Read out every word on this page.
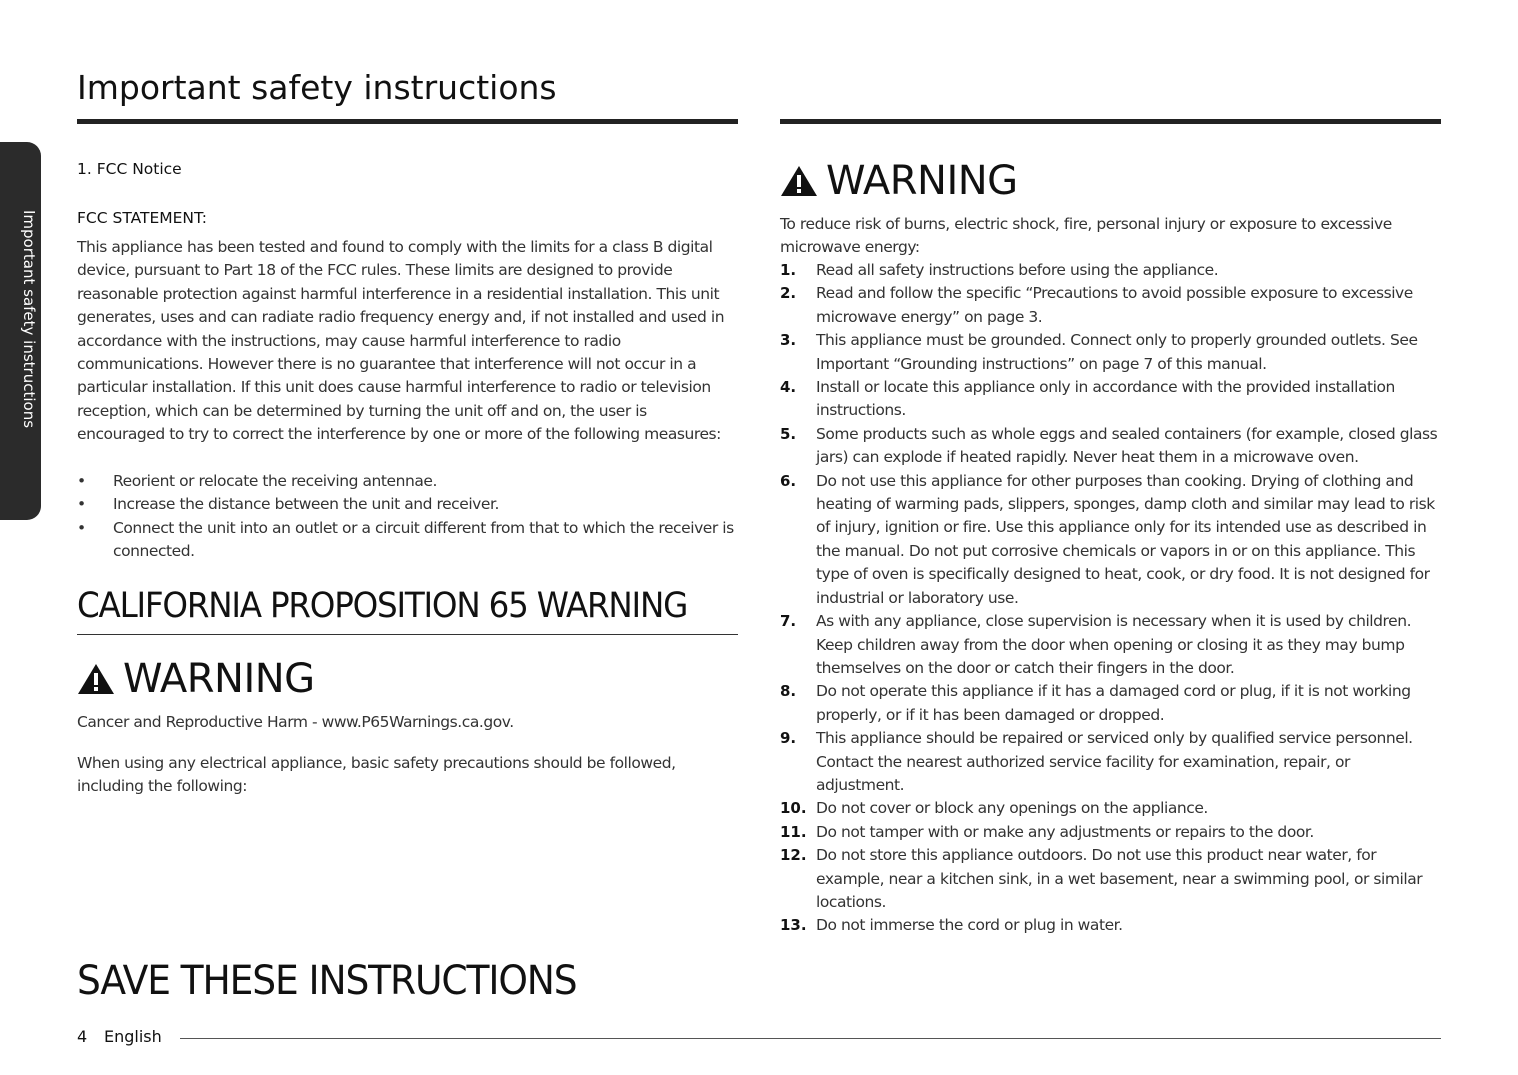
Important safety instructions
Important safety instructions

1. FCC Notice

FCC STATEMENT:

This appliance has been tested and found to comply with the limits for a class B digital device, pursuant to Part 18 of the FCC rules. These limits are designed to provide reasonable protection against harmful interference in a residential installation. This unit generates, uses and can radiate radio frequency energy and, if not installed and used in accordance with the instructions, may cause harmful interference to radio communications. However there is no guarantee that interference will not occur in a particular installation. If this unit does cause harmful interference to radio or television reception, which can be determined by turning the unit off and on, the user is encouraged to try to correct the interference by one or more of the following measures:

• Reorient or relocate the receiving antennae.
• Increase the distance between the unit and receiver.
• Connect the unit into an outlet or a circuit different from that to which the receiver is connected.
CALIFORNIA PROPOSITION 65 WARNING
WARNING

Cancer and Reproductive Harm - www.P65Warnings.ca.gov.

When using any electrical appliance, basic safety precautions should be followed, including the following:

SAVE THESE INSTRUCTIONS
WARNING

To reduce risk of burns, electric shock, fire, personal injury or exposure to excessive microwave energy:

1. Read all safety instructions before using the appliance.
2. Read and follow the specific “Precautions to avoid possible exposure to excessive microwave energy” on page 3.
3. This appliance must be grounded. Connect only to properly grounded outlets. See Important “Grounding instructions” on page 7 of this manual.
4. Install or locate this appliance only in accordance with the provided installation instructions.
5. Some products such as whole eggs and sealed containers (for example, closed glass jars) can explode if heated rapidly. Never heat them in a microwave oven.
6. Do not use this appliance for other purposes than cooking. Drying of clothing and heating of warming pads, slippers, sponges, damp cloth and similar may lead to risk of injury, ignition or fire. Use this appliance only for its intended use as described in the manual. Do not put corrosive chemicals or vapors in or on this appliance. This type of oven is specifically designed to heat, cook, or dry food. It is not designed for industrial or laboratory use.
7. As with any appliance, close supervision is necessary when it is used by children. Keep children away from the door when opening or closing it as they may bump themselves on the door or catch their fingers in the door.
8. Do not operate this appliance if it has a damaged cord or plug, if it is not working properly, or if it has been damaged or dropped.
9. This appliance should be repaired or serviced only by qualified service personnel. Contact the nearest authorized service facility for examination, repair, or adjustment.
10. Do not cover or block any openings on the appliance.
11. Do not tamper with or make any adjustments or repairs to the door.
12. Do not store this appliance outdoors. Do not use this product near water, for example, near a kitchen sink, in a wet basement, near a swimming pool, or similar locations.
13. Do not immerse the cord or plug in water.
4 English
